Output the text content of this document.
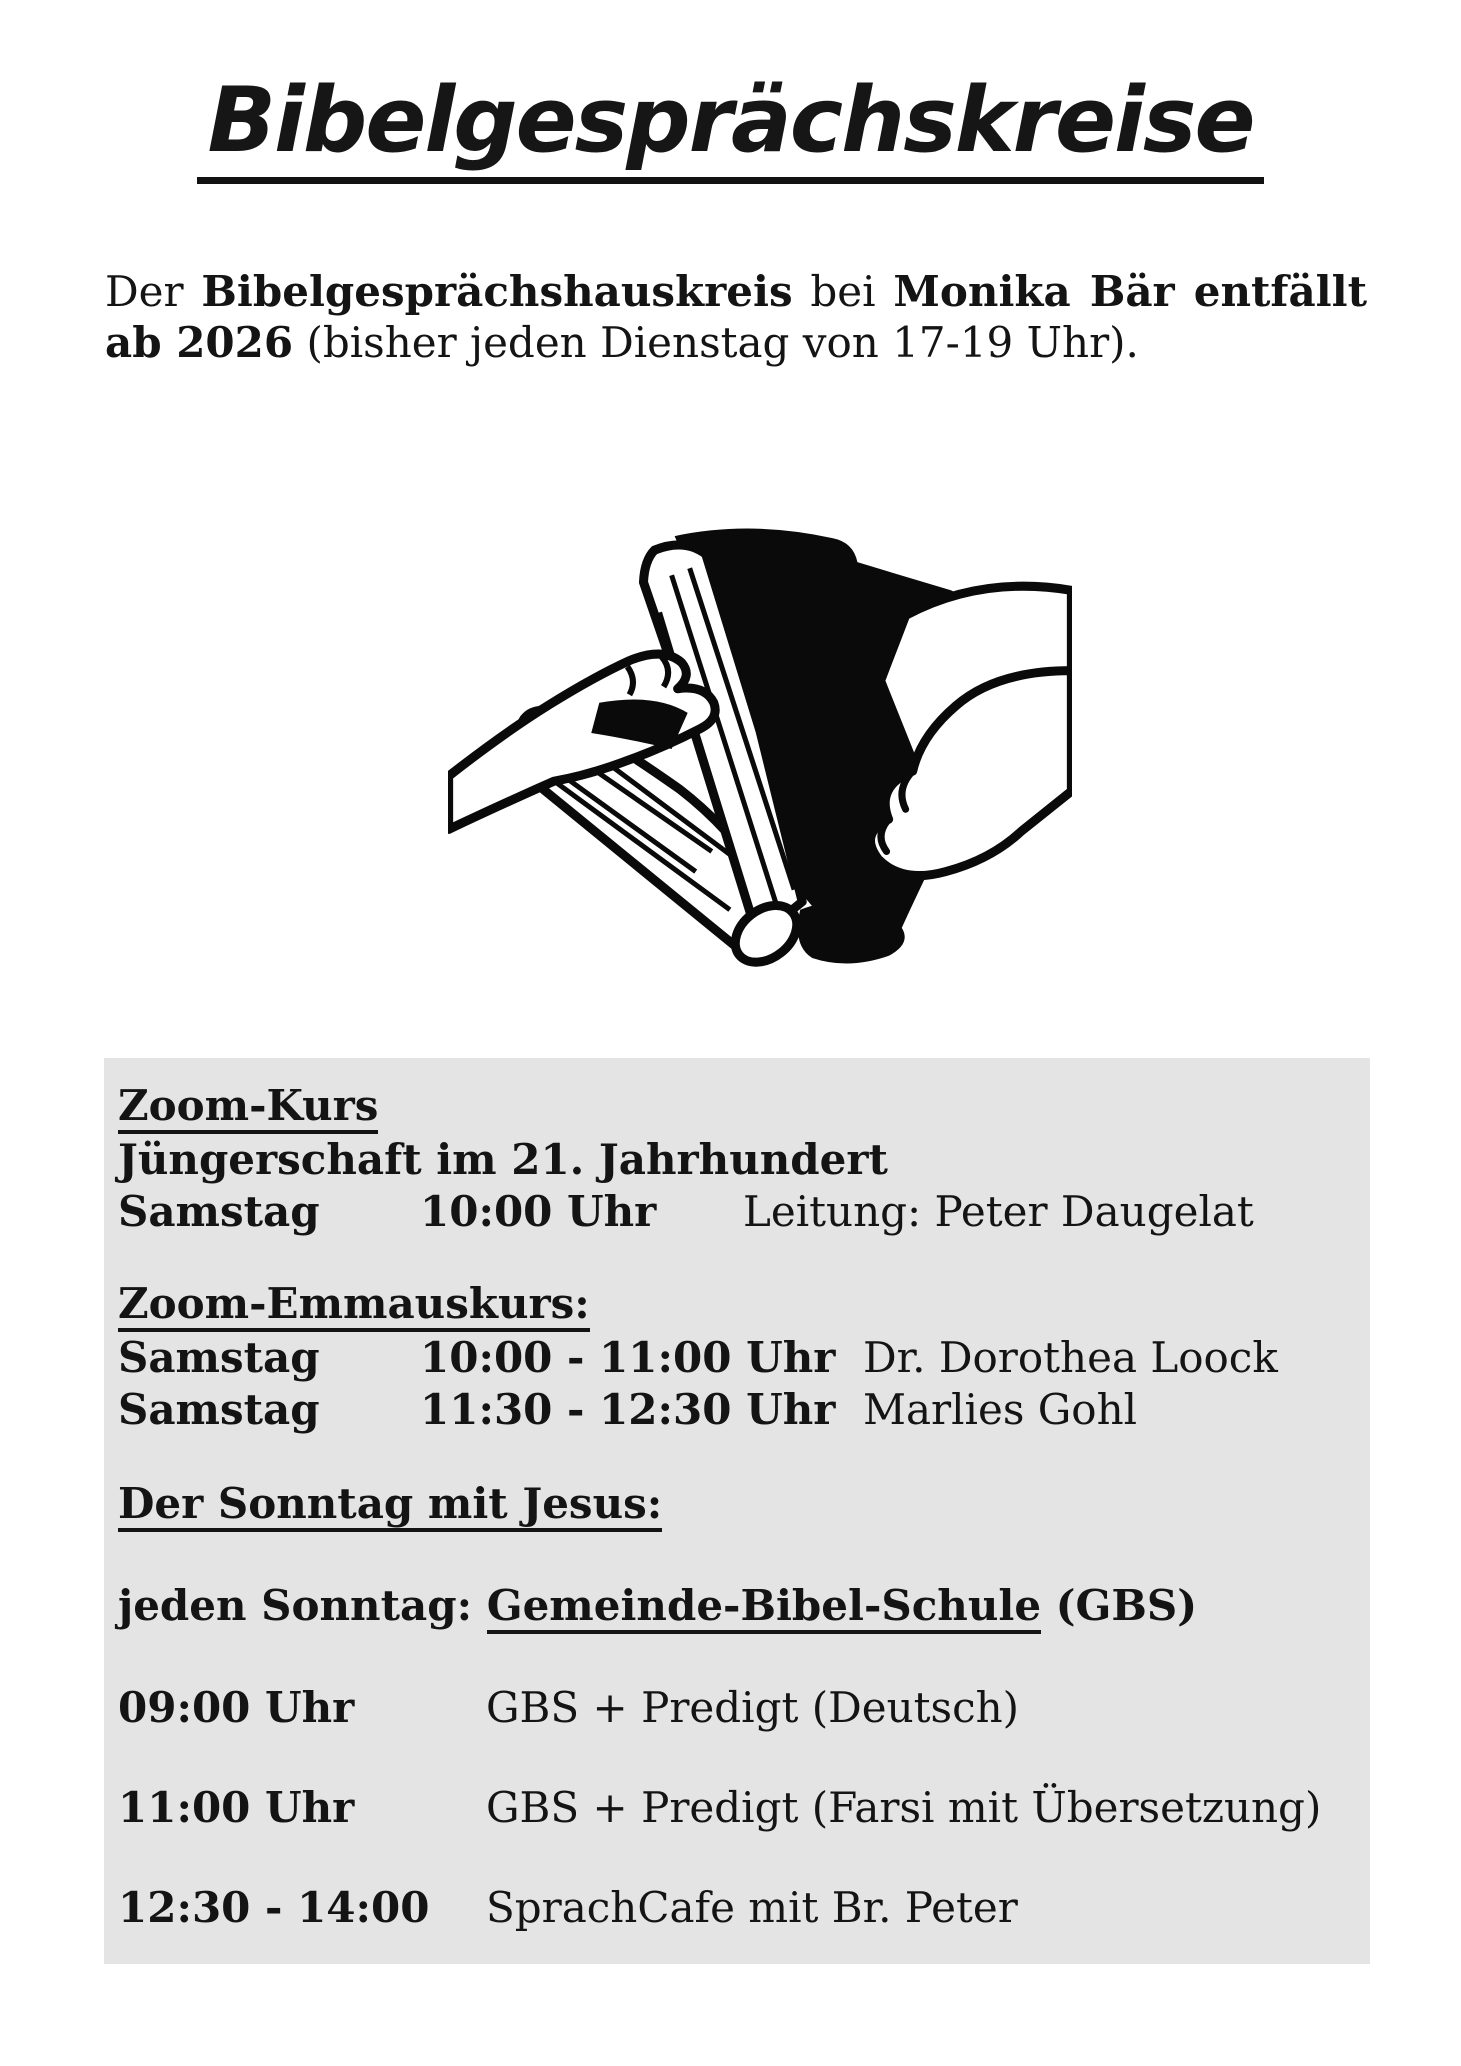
Bibelgesprächskreise
Der Bibelgesprächshauskreis bei Monika Bär entfällt
ab 2026 (bisher jeden Dienstag von 17-19 Uhr).
Zoom-Kurs
Jüngerschaft im 21. Jahrhundert
Samstag 10:00 Uhr Leitung: Peter Daugelat
Zoom-Emmauskurs:
Samstag 10:00 - 11:00 Uhr Dr. Dorothea Loock
Samstag 11:30 - 12:30 Uhr Marlies Gohl
Der Sonntag mit Jesus:
jeden Sonntag: Gemeinde-Bibel-Schule (GBS)
09:00 Uhr	GBS + Predigt (Deutsch)
11:00 Uhr	GBS + Predigt (Farsi mit Übersetzung)
12:30 - 14:00 SprachCafe mit Br. Peter
